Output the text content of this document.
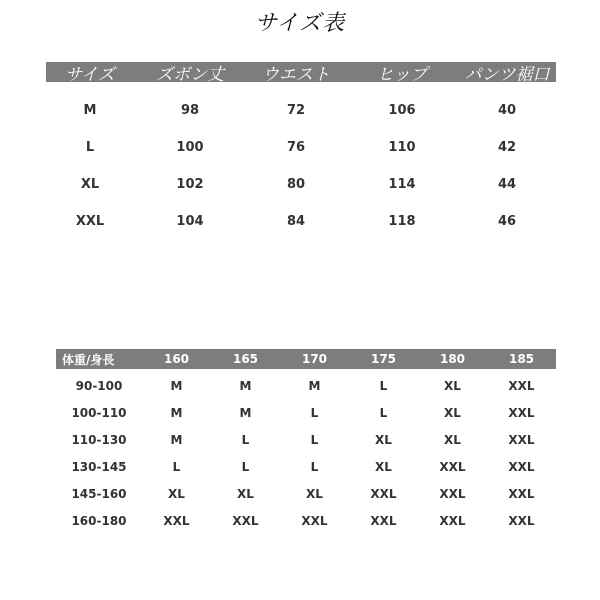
サイズ表
サイズ	ズボン丈	ウエスト	ヒップ	パンツ裾口
M	98	72	106	40
L	100	76	110	42
XL	102	80	114	44
XXL	104	84	118	46
体重/身長	160	165	170	175	180	185
90-100	M	M	M	L	XL	XXL
100-110	M	M	L	L	XL	XXL
110-130	M	L	L	XL	XL	XXL
130-145	L	L	L	XL	XXL	XXL
145-160	XL	XL	XL	XXL	XXL	XXL
160-180	XXL	XXL	XXL	XXL	XXL	XXL
